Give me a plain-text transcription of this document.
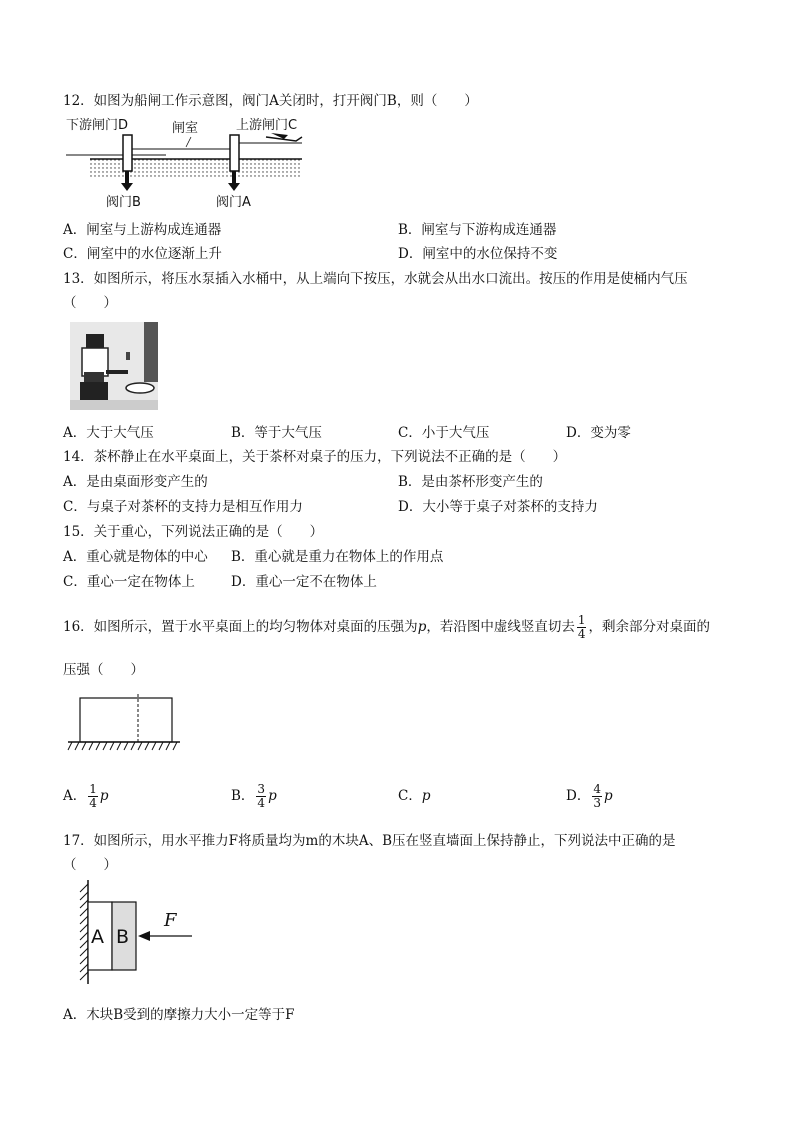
12．如图为船闸工作示意图，阀门A关闭时，打开阀门B，则（　　）
下游闸门D	闸室	上游闸门C
阀门B	阀门A
A．闸室与上游构成连通器	B．闸室与下游构成连通器
C．闸室中的水位逐渐上升	D．闸室中的水位保持不变
13．如图所示，将压水泵插入水桶中，从上端向下按压，水就会从出水口流出。按压的作用是使桶内气压
（　　）
A．大于大气压	B．等于大气压	C．小于大气压	D．变为零
14．茶杯静止在水平桌面上，关于茶杯对桌子的压力，下列说法不正确的是（　　）
A．是由桌面形变产生的	B．是由茶杯形变产生的
C．与桌子对茶杯的支持力是相互作用力	D．大小等于桌子对茶杯的支持力
15．关于重心，下列说法正确的是（　　）
A．重心就是物体的中心 B．重心就是重力在物体上的作用点
C．重心一定在物体上	D．重心一定不在物体上
16．如图所示，置于水平桌面上的均匀物体对桌面的压强为p，若沿图中虚线竖直切去 $\frac{1}{4}$ ，剩余部分对桌面的
压强（　　）
A． $\frac{1}{4}$ p	B． $\frac{3}{4}$ p	C．p	D． $\frac{4}{3}$ p
17．如图所示，用水平推力F将质量均为m的木块A、B压在竖直墙面上保持静止，下列说法中正确的是
（　　）
A B
F
A．木块B受到的摩擦力大小一定等于F
